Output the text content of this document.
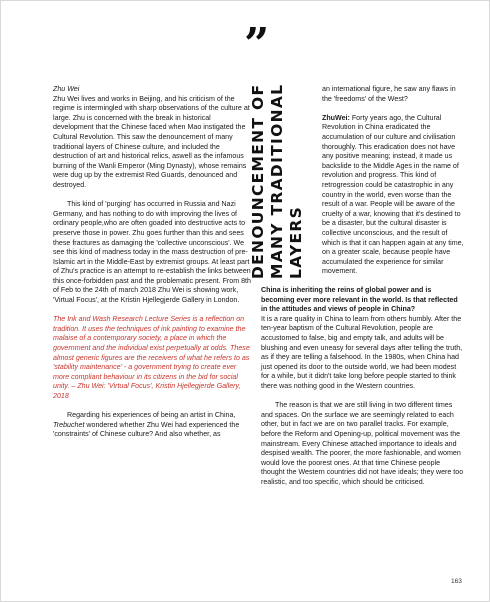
”
DENOUNCEMENT OF MANY TRADITIONAL LAYERS

Zhu Wei

Zhu Wei lives and works in Beijing, and his criticism of the regime is intermingled with sharp observations of the culture at large. Zhu is concerned with the break in historical development that the Chinese faced when Mao instigated the Cultural Revolution. This saw the denouncement of many traditional layers of Chinese culture, and included the destruction of art and historical relics, aswell as the infamous burning of the Wanli Emperor (Ming Dynasty), whose remains were dug up by the extremist Red Guards, denounced and destroyed.

This kind of 'purging' has occurred in Russia and Nazi Germany, and has nothing to do with improving the lives of ordinary people,who are often goaded into destructive acts to preserve those in power. Zhu goes further than this and sees these fractures as damaging the 'collective unconscious'. We see this kind of madness today in the mass destruction of pre-Islamic art in the Middle-East by extremist groups. At least part of Zhu's practice is an attempt to re-establish the links between this once-forbidden past and the problematic present. From 8th of Feb to the 24th of march 2018 Zhu Wei is showing work, 'Virtual Focus', at the Kristin Hjellegjerde Gallery in London.

The Ink and Wash Research Lecture Series is a reflection on tradition. It uses the techniques of ink painting to examine the malaise of a contemporary society, a place in which the government and the individual exist perpetually at odds. These almost generic figures are the receivers of what he refers to as 'stability maintenance' - a government trying to create ever more compliant behaviour in its citizens in the bid for social unity. – Zhu Wei: 'Virtual Focus', Kristin Hjellegjerde Gallery, 2018

Regarding his experiences of being an artist in China, Trebuchet wondered whether Zhu Wei had experienced the 'constraints' of Chinese culture? And also whether, as

an international figure, he saw any flaws in the 'freedoms' of the West?

ZhuWei: Forty years ago, the Cultural Revolution in China eradicated the accumulation of our culture and civilisation thoroughly. This eradication does not have any positive meaning; instead, it made us backslide to the Middle Ages in the name of revolution and progress. This kind of retrogression could be catastrophic in any country in the world, even worse than the result of a war. People will be aware of the cruelty of a war, knowing that it's destined to be a disaster, but the cultural disaster is collective unconscious, and the result of which is that it can happen again at any time, on a greater scale, because people have accumulated the experience for similar movement.

China is inheriting the reins of global power and is becoming ever more relevant in the world. Is that reflected in the attitudes and views of people in China?

It is a rare quality in China to learn from others humbly. After the ten-year baptism of the Cultural Revolution, people are accustomed to false, big and empty talk, and adults will be blushing and even uneasy for several days after telling the truth, as if they are telling a falsehood. In the 1980s, when China had just opened its door to the outside world, we had been modest for a while, but it didn't take long before people started to think there was nothing good in the Western countries.

The reason is that we are still living in two different times and spaces. On the surface we are seemingly related to each other, but in fact we are on two parallel tracks. For example, before the Reform and Opening-up, political movement was the mainstream. Every Chinese attached importance to ideals and despised wealth. The poorer, the more fashionable, and women would love the poorest ones. At that time Chinese people thought the Western countries did not have ideals; they were too realistic, and too specific, which should be criticised.

163
